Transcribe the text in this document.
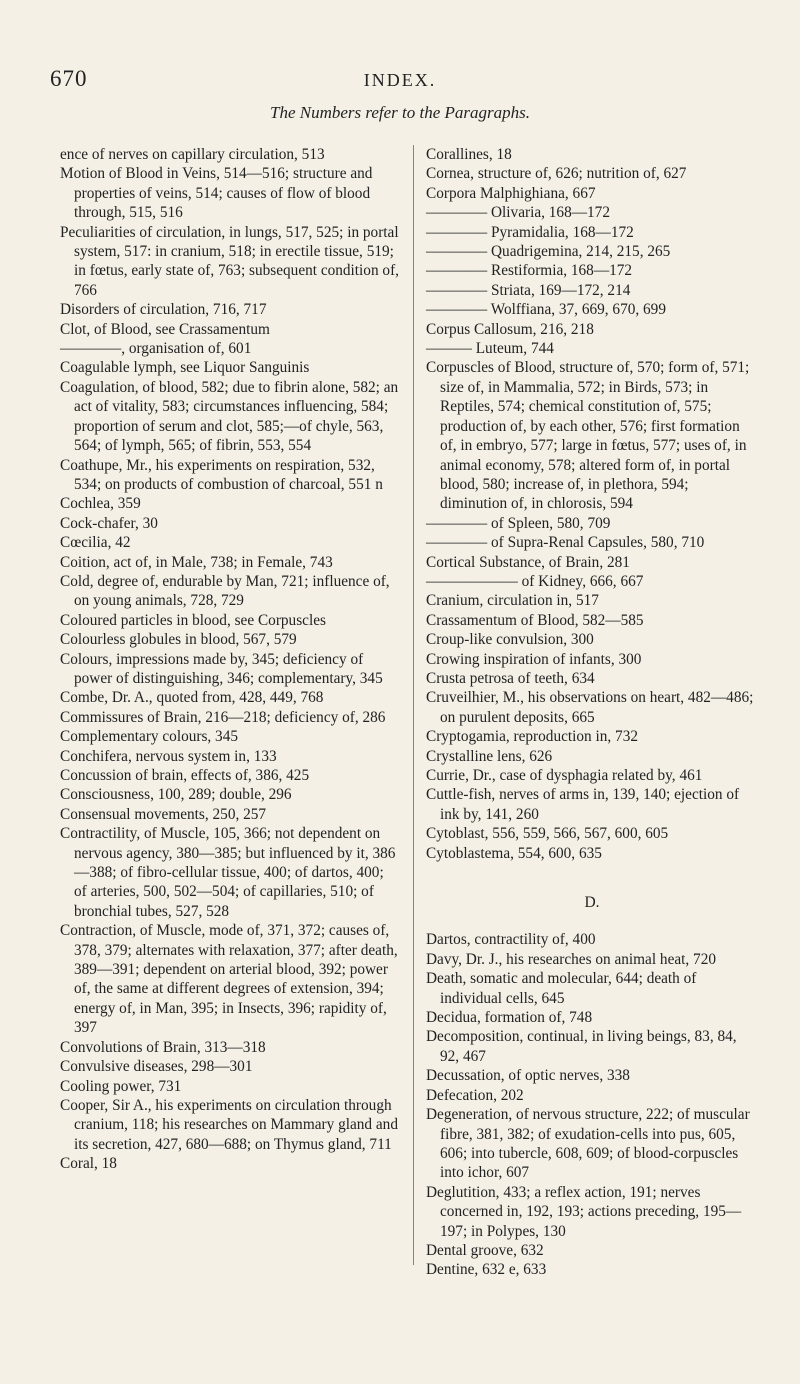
670	INDEX.
The Numbers refer to the Paragraphs.
ence of nerves on capillary circulation, 513
Motion of Blood in Veins, 514—516; structure and properties of veins, 514; causes of flow of blood through, 515, 516
Peculiarities of circulation, in lungs, 517, 525; in portal system, 517: in cranium, 518; in erectile tissue, 519; in fœtus, early state of, 763; subsequent condition of, 766
Disorders of circulation, 716, 717
Clot, of Blood, see Crassamentum
————, organisation of, 601
Coagulable lymph, see Liquor Sanguinis
Coagulation, of blood, 582; due to fibrin alone, 582; an act of vitality, 583; circumstances influencing, 584; proportion of serum and clot, 585;—of chyle, 563, 564; of lymph, 565; of fibrin, 553, 554
Coathupe, Mr., his experiments on respiration, 532, 534; on products of combustion of charcoal, 551 n
Cochlea, 359
Cock-chafer, 30
Cœcilia, 42
Coition, act of, in Male, 738; in Female, 743
Cold, degree of, endurable by Man, 721; influence of, on young animals, 728, 729
Coloured particles in blood, see Corpuscles
Colourless globules in blood, 567, 579
Colours, impressions made by, 345; deficiency of power of distinguishing, 346; complementary, 345
Combe, Dr. A., quoted from, 428, 449, 768
Commissures of Brain, 216—218; deficiency of, 286
Complementary colours, 345
Conchifera, nervous system in, 133
Concussion of brain, effects of, 386, 425
Consciousness, 100, 289; double, 296
Consensual movements, 250, 257
Contractility, of Muscle, 105, 366; not dependent on nervous agency, 380—385; but influenced by it, 386—388; of fibro-cellular tissue, 400; of dartos, 400; of arteries, 500, 502—504; of capillaries, 510; of bronchial tubes, 527, 528
Contraction, of Muscle, mode of, 371, 372; causes of, 378, 379; alternates with relaxation, 377; after death, 389—391; dependent on arterial blood, 392; power of, the same at different degrees of extension, 394; energy of, in Man, 395; in Insects, 396; rapidity of, 397
Convolutions of Brain, 313—318
Convulsive diseases, 298—301
Cooling power, 731
Cooper, Sir A., his experiments on circulation through cranium, 118; his researches on Mammary gland and its secretion, 427, 680—688; on Thymus gland, 711
Coral, 18
Corallines, 18
Cornea, structure of, 626; nutrition of, 627
Corpora Malphighiana, 667
———— Olivaria, 168—172
———— Pyramidalia, 168—172
———— Quadrigemina, 214, 215, 265
———— Restiformia, 168—172
———— Striata, 169—172, 214
———— Wolffiana, 37, 669, 670, 699
Corpus Callosum, 216, 218
——— Luteum, 744
Corpuscles of Blood, structure of, 570; form of, 571; size of, in Mammalia, 572; in Birds, 573; in Reptiles, 574; chemical constitution of, 575; production of, by each other, 576; first formation of, in embryo, 577; large in fœtus, 577; uses of, in animal economy, 578; altered form of, in portal blood, 580; increase of, in plethora, 594; diminution of, in chlorosis, 594
———— of Spleen, 580, 709
———— of Supra-Renal Capsules, 580, 710
Cortical Substance, of Brain, 281
—————— of Kidney, 666, 667
Cranium, circulation in, 517
Crassamentum of Blood, 582—585
Croup-like convulsion, 300
Crowing inspiration of infants, 300
Crusta petrosa of teeth, 634
Cruveilhier, M., his observations on heart, 482—486; on purulent deposits, 665
Cryptogamia, reproduction in, 732
Crystalline lens, 626
Currie, Dr., case of dysphagia related by, 461
Cuttle-fish, nerves of arms in, 139, 140; ejection of ink by, 141, 260
Cytoblast, 556, 559, 566, 567, 600, 605
Cytoblastema, 554, 600, 635
D.
Dartos, contractility of, 400
Davy, Dr. J., his researches on animal heat, 720
Death, somatic and molecular, 644; death of individual cells, 645
Decidua, formation of, 748
Decomposition, continual, in living beings, 83, 84, 92, 467
Decussation, of optic nerves, 338
Defecation, 202
Degeneration, of nervous structure, 222; of muscular fibre, 381, 382; of exudation-cells into pus, 605, 606; into tubercle, 608, 609; of blood-corpuscles into ichor, 607
Deglutition, 433; a reflex action, 191; nerves concerned in, 192, 193; actions preceding, 195—197; in Polypes, 130
Dental groove, 632
Dentine, 632 e, 633
